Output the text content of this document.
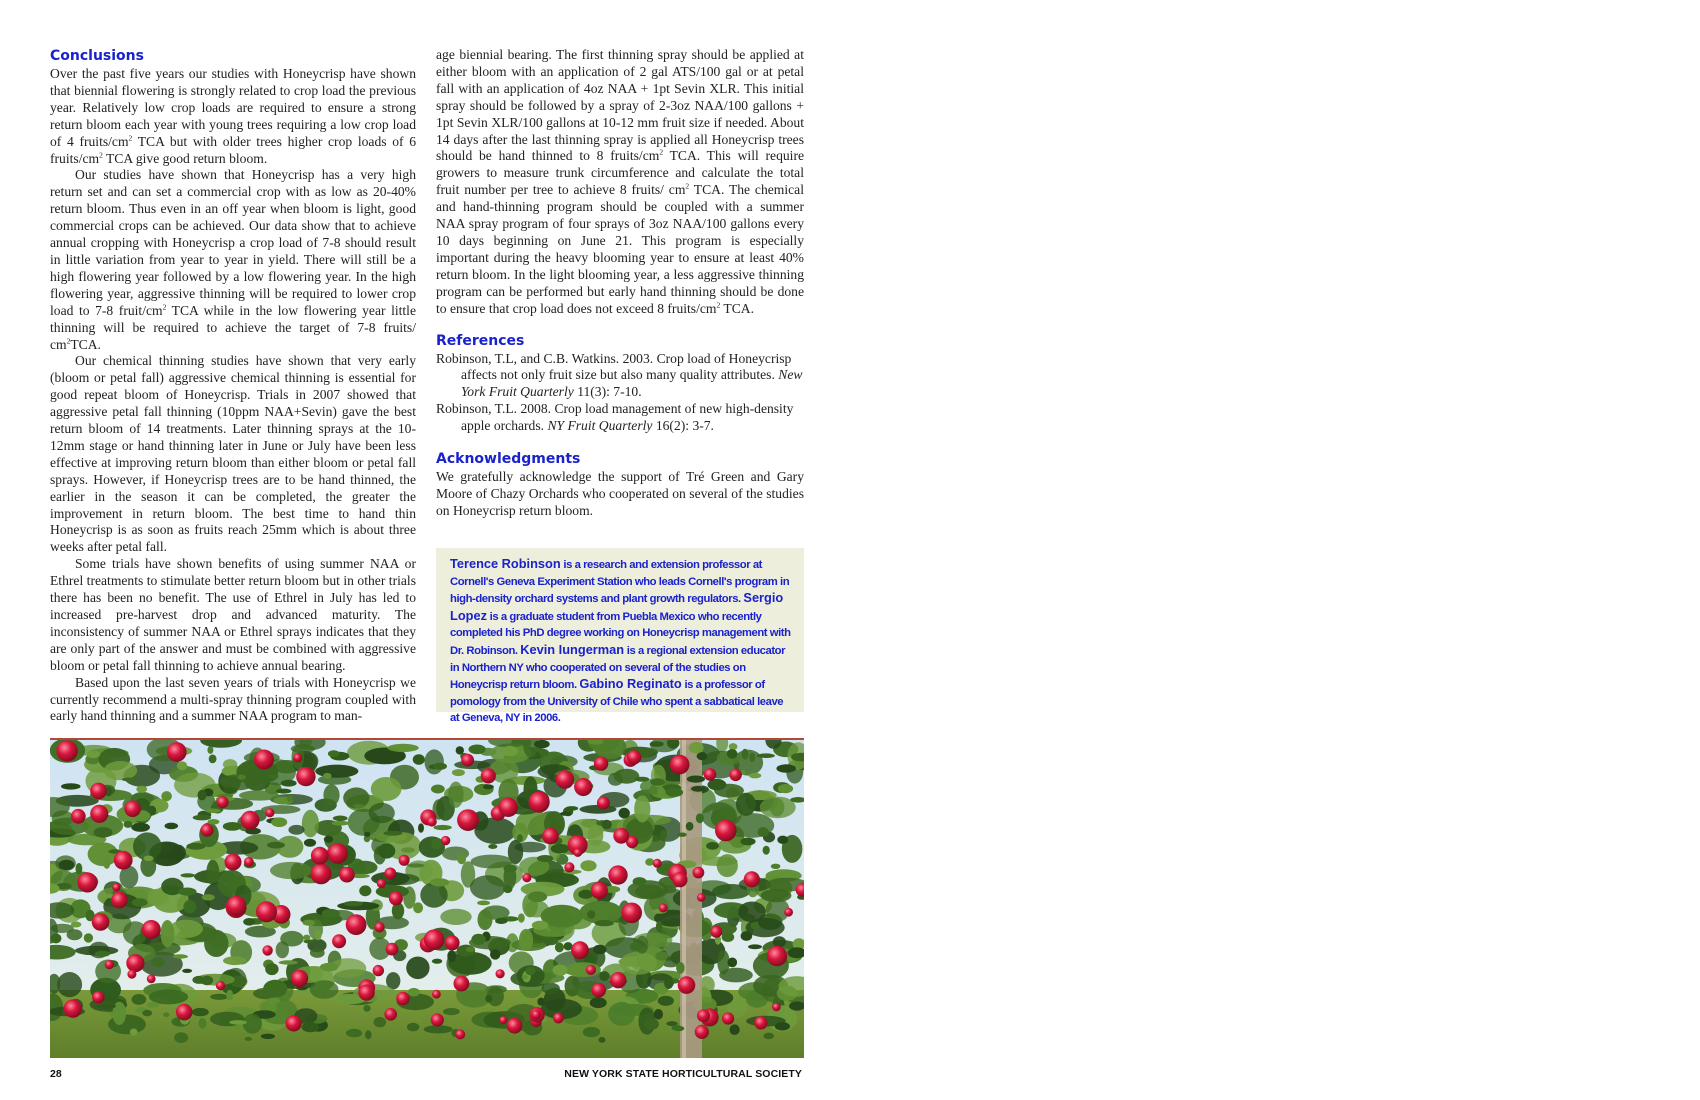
Conclusions

Over the past five years our studies with Honeycrisp have shown that biennial flowering is strongly related to crop load the previous year. Relatively low crop loads are required to ensure a strong return bloom each year with young trees requiring a low crop load of 4 fruits/$cm^2$ TCA but with older trees higher crop loads of 6 fruits/$cm^2$ TCA give good return bloom.

Our studies have shown that Honeycrisp has a very high return set and can set a commercial crop with as low as 20-40% return bloom. Thus even in an off year when bloom is light, good commercial crops can be achieved. Our data show that to achieve annual cropping with Honeycrisp a crop load of 7-8 should result in little variation from year to year in yield. There will still be a high flowering year followed by a low flowering year. In the high flowering year, aggressive thinning will be required to lower crop load to 7-8 fruit/$cm^2$ TCA while in the low flowering year little thinning will be required to achieve the target of 7-8 fruits/ $cm^2TCA$.

Our chemical thinning studies have shown that very early (bloom or petal fall) aggressive chemical thinning is essential for good repeat bloom of Honeycrisp. Trials in 2007 showed that aggressive petal fall thinning (10ppm NAA+Sevin) gave the best return bloom of 14 treatments. Later thinning sprays at the 10-12mm stage or hand thinning later in June or July have been less effective at improving return bloom than either bloom or petal fall sprays. However, if Honeycrisp trees are to be hand thinned, the earlier in the season it can be completed, the greater the improvement in return bloom. The best time to hand thin Honeycrisp is as soon as fruits reach 25mm which is about three weeks after petal fall.

Some trials have shown benefits of using summer NAA or Ethrel treatments to stimulate better return bloom but in other trials there has been no benefit. The use of Ethrel in July has led to increased pre-harvest drop and advanced maturity. The inconsistency of summer NAA or Ethrel sprays indicates that they are only part of the answer and must be combined with aggressive bloom or petal fall thinning to achieve annual bearing.

Based upon the last seven years of trials with Honeycrisp we currently recommend a multi-spray thinning program coupled with early hand thinning and a summer NAA program to man-

age biennial bearing. The first thinning spray should be applied at either bloom with an application of 2 gal ATS/100 gal or at petal fall with an application of 4oz NAA + 1pt Sevin XLR. This initial spray should be followed by a spray of 2-3oz NAA/100 gallons + 1pt Sevin XLR/100 gallons at 10-12 mm fruit size if needed. About 14 days after the last thinning spray is applied all Honeycrisp trees should be hand thinned to 8 fruits/$cm^2$ TCA. This will require growers to measure trunk circumference and calculate the total fruit number per tree to achieve 8 fruits/ $cm^2$ TCA. The chemical and hand-thinning program should be coupled with a summer NAA spray program of four sprays of 3oz NAA/100 gallons every 10 days beginning on June 21. This program is especially important during the heavy blooming year to ensure at least 40% return bloom. In the light blooming year, a less aggressive thinning program can be performed but early hand thinning should be done to ensure that crop load does not exceed 8 fruits/$cm^2$ TCA.

References

Robinson, T.L, and C.B. Watkins. 2003. Crop load of Honeycrisp affects not only fruit size but also many quality attributes. New York Fruit Quarterly 11(3): 7-10.

Robinson, T.L. 2008. Crop load management of new high-density apple orchards. NY Fruit Quarterly 16(2): 3-7.

Acknowledgments

We gratefully acknowledge the support of Tré Green and Gary Moore of Chazy Orchards who cooperated on several of the studies on Honeycrisp return bloom.

Terence Robinson is a research and extension professor at Cornell's Geneva Experiment Station who leads Cornell's program in high-density orchard systems and plant growth regulators. Sergio Lopez is a graduate student from Puebla Mexico who recently completed his PhD degree working on Honeycrisp management with Dr. Robinson. Kevin Iungerman is a regional extension educator in Northern NY who cooperated on several of the studies on Honeycrisp return bloom. Gabino Reginato is a professor of pomology from the University of Chile who spent a sabbatical leave at Geneva, NY in 2006.
28	NEW YORK STATE HORTICULTURAL SOCIETY
